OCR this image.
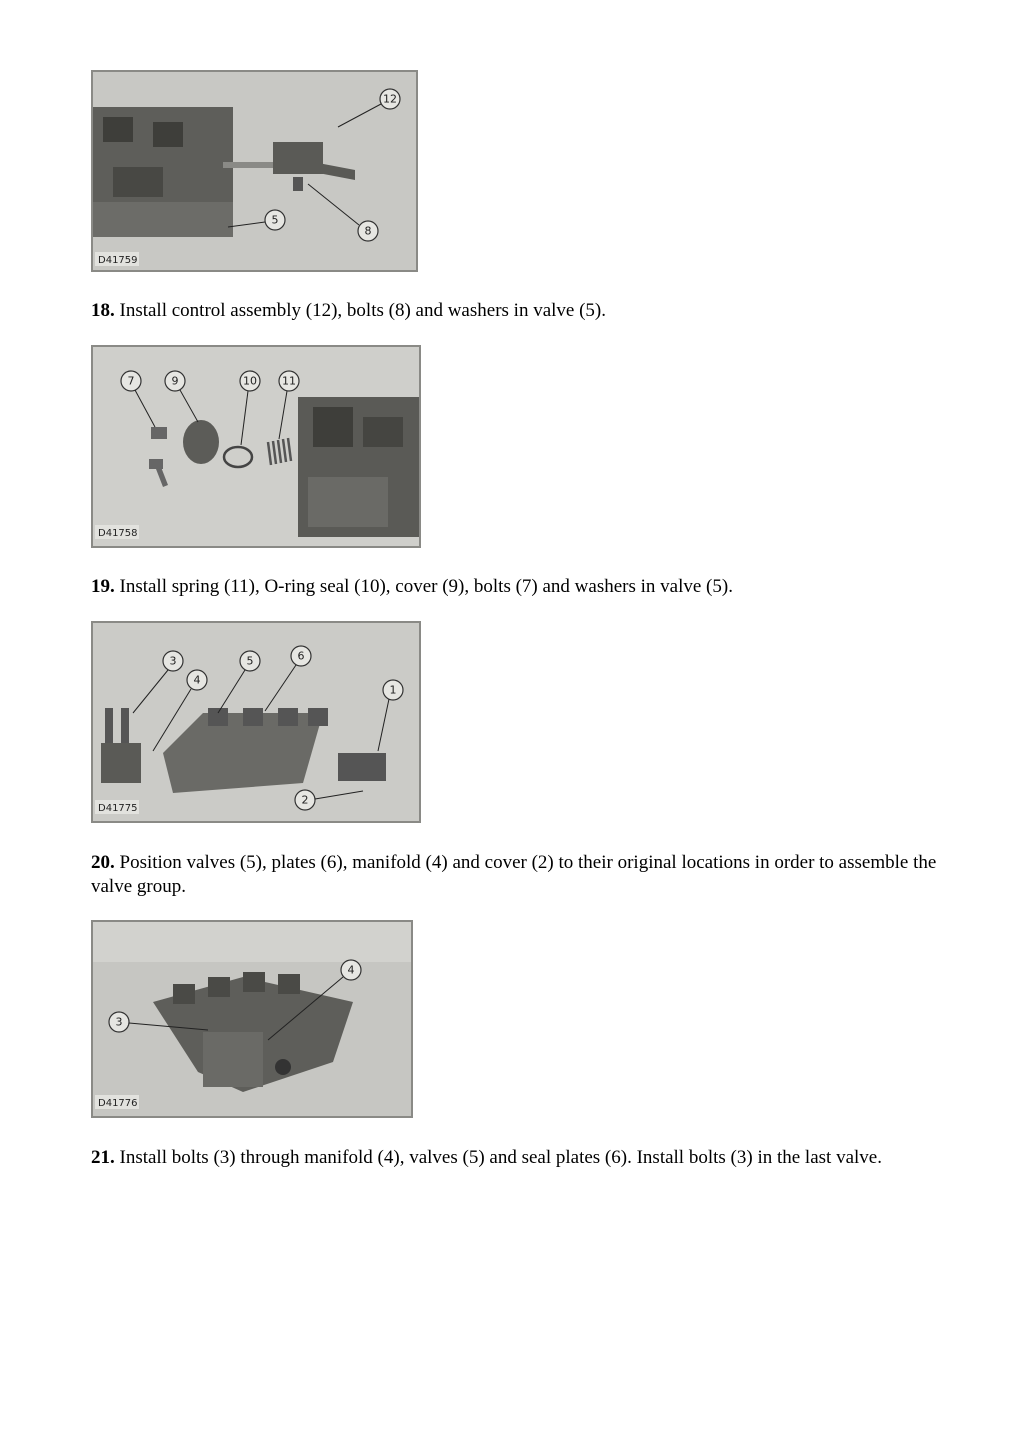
12
5
8
D41759

18. Install control assembly (12), bolts (8) and washers in valve (5).

7	9	10 11
D41758

19. Install spring (11), O-ring seal (10), cover (9), bolts (7) and washers in valve (5).

3
4
5	6
1
2
D41775

20. Position valves (5), plates (6), manifold (4) and cover (2) to their original locations in order to assemble the valve group.

4
3
D41776

21. Install bolts (3) through manifold (4), valves (5) and seal plates (6). Install bolts (3) in the last valve.
